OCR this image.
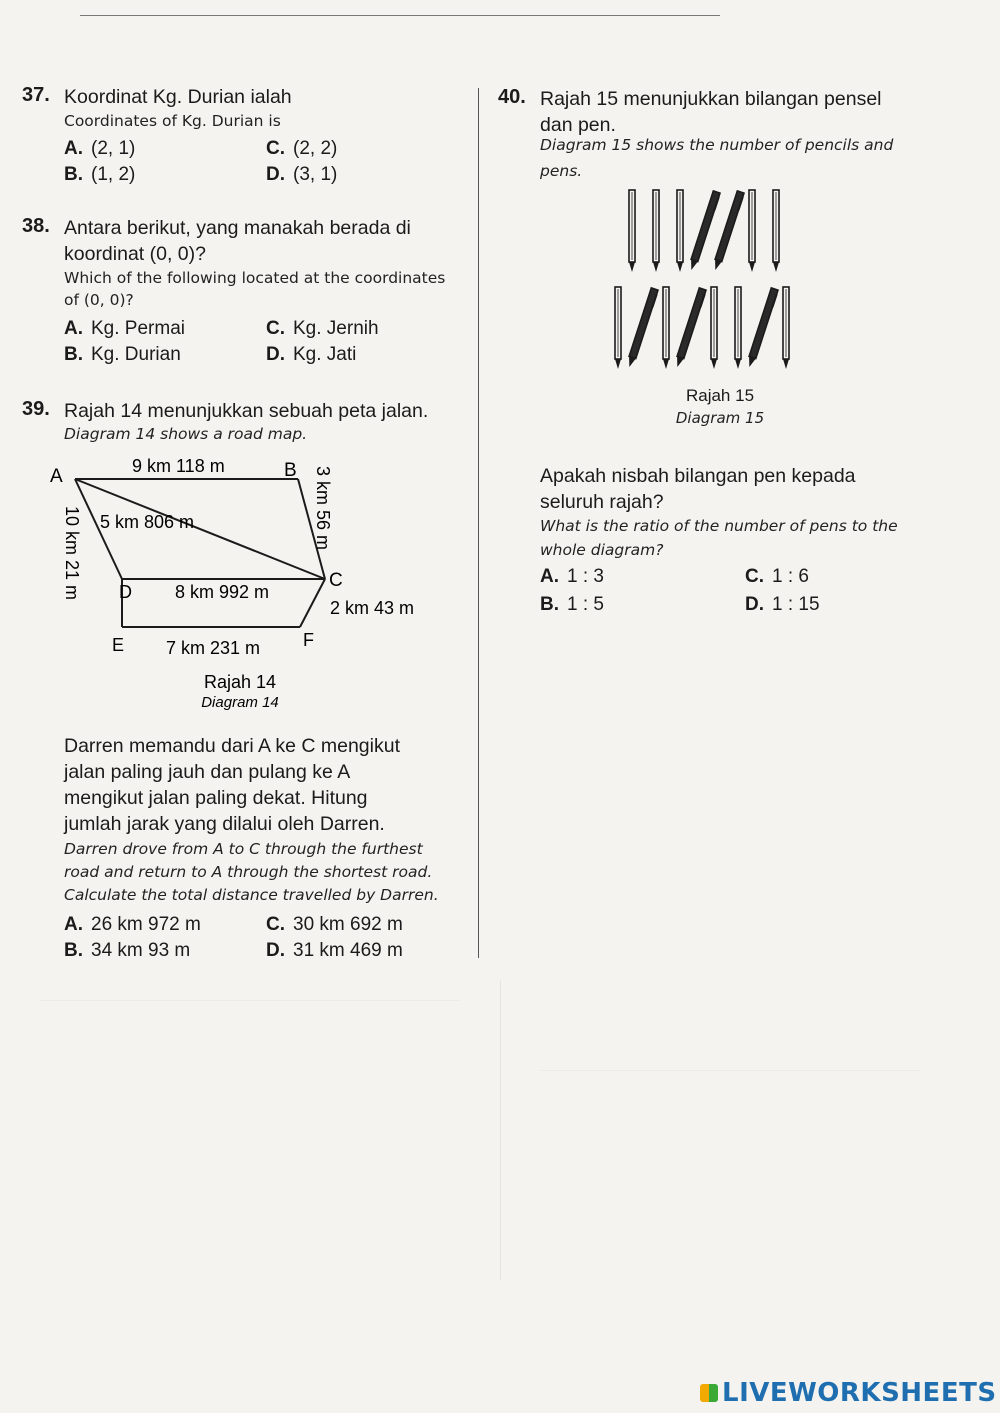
37. Koordinat Kg. Durian ialah
Coordinates of Kg. Durian is
A. (2, 1)	C. (2, 2)
B. (1, 2)	D. (3, 1)
38. Antara berikut, yang manakah berada di
koordinat (0, 0)?
Which of the following located at the coordinates
of (0, 0)?
A. Kg. Permai	C. Kg. Jernih
B. Kg. Durian	D. Kg. Jati
39. Rajah 14 menunjukkan sebuah peta jalan.
Diagram 14 shows a road map.
A	B
C
D
E	F
9 km 118 m
5 km 806 m
8 km 992 m
2 km 43 m
7 km 231 m
3 km 56 m
10 km 21 m
Rajah 14
Diagram 14
Darren memandu dari A ke C mengikut
jalan paling jauh dan pulang ke A
mengikut jalan paling dekat. Hitung
jumlah jarak yang dilalui oleh Darren.
Darren drove from A to C through the furthest
road and return to A through the shortest road.
Calculate the total distance travelled by Darren.
A. 26 km 972 m	C. 30 km 692 m
B. 34 km 93 m	D. 31 km 469 m
40. Rajah 15 menunjukkan bilangan pensel
dan pen.
Diagram 15 shows the number of pencils and
pens.
Rajah 15
Diagram 15
Apakah nisbah bilangan pen kepada
seluruh rajah?
What is the ratio of the number of pens to the
whole diagram?
A. 1 : 3	C. 1 : 6
B. 1 : 5	D. 1 : 15
LIVEWORKSHEETS
